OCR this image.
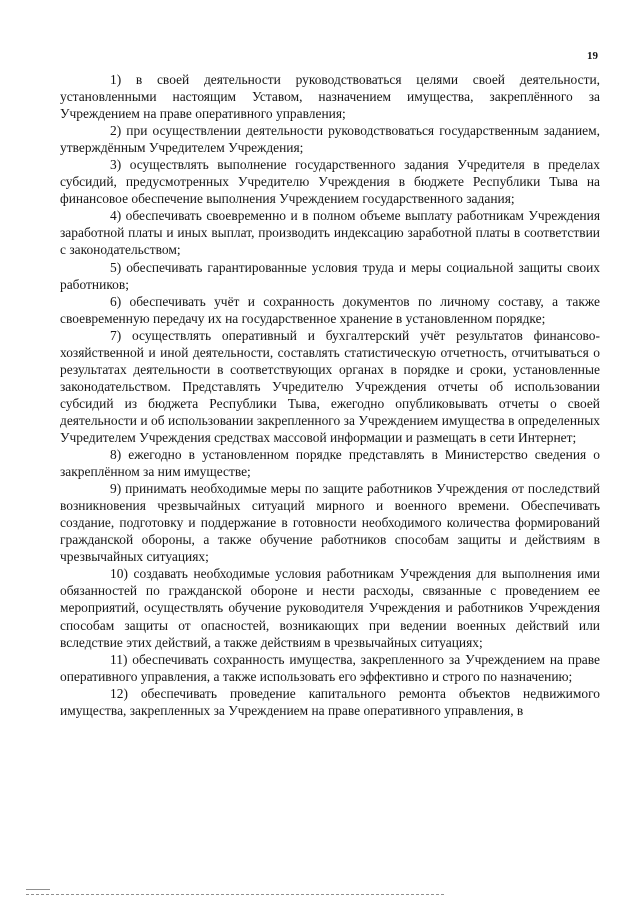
19

1) в своей деятельности руководствоваться целями своей деятельности, установленными настоящим Уставом, назначением имущества, закреплённого за Учреждением на праве оперативного управления;

2) при осуществлении деятельности руководствоваться государственным заданием, утверждённым Учредителем Учреждения;

3) осуществлять выполнение государственного задания Учредителя в пределах субсидий, предусмотренных Учредителю Учреждения в бюджете Республики Тыва на финансовое обеспечение выполнения Учреждением государственного задания;

4) обеспечивать своевременно и в полном объеме выплату работникам Учреждения заработной платы и иных выплат, производить индексацию заработной платы в соответствии с законодательством;

5) обеспечивать гарантированные условия труда и меры социальной защиты своих работников;

6) обеспечивать учёт и сохранность документов по личному составу, а также своевременную передачу их на государственное хранение в установленном порядке;

7) осуществлять оперативный и бухгалтерский учёт результатов финансово-хозяйственной и иной деятельности, составлять статистическую отчетность, отчитываться о результатах деятельности в соответствующих органах в порядке и сроки, установленные законодательством. Представлять Учредителю Учреждения отчеты об использовании субсидий из бюджета Республики Тыва, ежегодно опубликовывать отчеты о своей деятельности и об использовании закрепленного за Учреждением имущества в определенных Учредителем Учреждения средствах массовой информации и размещать в сети Интернет;

8) ежегодно в установленном порядке представлять в Министерство сведения о закреплённом за ним имуществе;

9) принимать необходимые меры по защите работников Учреждения от последствий возникновения чрезвычайных ситуаций мирного и военного времени. Обеспечивать создание, подготовку и поддержание в готовности необходимого количества формирований гражданской обороны, а также обучение работников способам защиты и действиям в чрезвычайных ситуациях;

10) создавать необходимые условия работникам Учреждения для выполнения ими обязанностей по гражданской обороне и нести расходы, связанные с проведением ее мероприятий, осуществлять обучение руководителя Учреждения и работников Учреждения способам защиты от опасностей, возникающих при ведении военных действий или вследствие этих действий, а также действиям в чрезвычайных ситуациях;

11) обеспечивать сохранность имущества, закрепленного за Учреждением на праве оперативного управления, а также использовать его эффективно и строго по назначению;

12) обеспечивать проведение капитального ремонта объектов недвижимого имущества, закрепленных за Учреждением на праве оперативного управления, в
